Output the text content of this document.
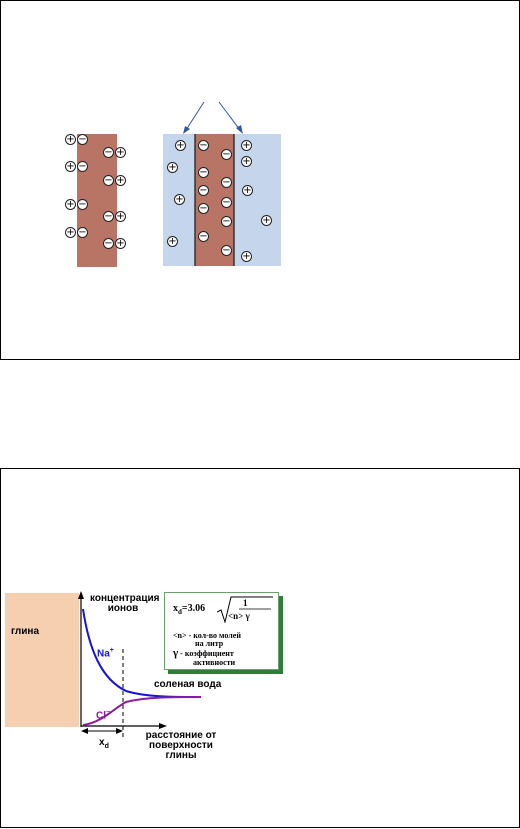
−
−
−
−
−
−
−
−
+
+
+
+
+
+
+
+
−
−
−
−
−
−
−
−
−
−
+
+
+
+
+
+
+
+
+
глина
концентрация
ионов
Na+
Cl−
соленая вода
$x_d$
расстояние от
поверхности глины
$x_d=3.06$	1
<n> γ
<n> - кол-во молей
на литр
γ - коэффициент
активности
